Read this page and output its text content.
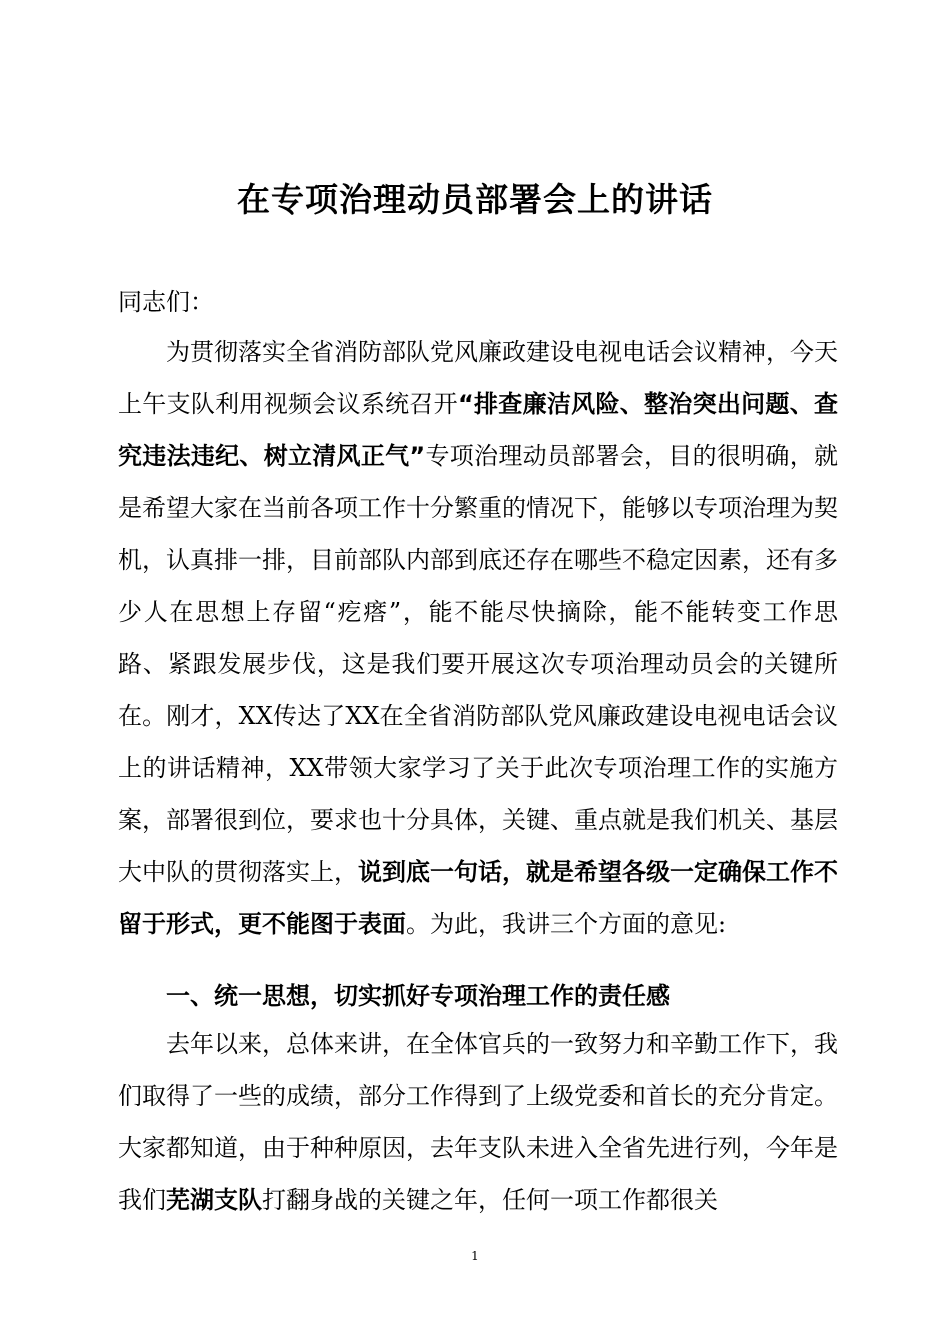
在专项治理动员部署会上的讲话
同志们：
为贯彻落实全省消防部队党风廉政建设电视电话会议精神，今天上午支队利用视频会议系统召开“排查廉洁风险、整治突出问题、查究违法违纪、树立清风正气”专项治理动员部署会，目的很明确，就是希望大家在当前各项工作十分繁重的情况下，能够以专项治理为契机，认真排一排，目前部队内部到底还存在哪些不稳定因素，还有多少人在思想上存留“疙瘩”，能不能尽快摘除，能不能转变工作思路、紧跟发展步伐，这是我们要开展这次专项治理动员会的关键所在。刚才，XX传达了XX在全省消防部队党风廉政建设电视电话会议上的讲话精神，XX带领大家学习了关于此次专项治理工作的实施方案，部署很到位，要求也十分具体，关键、重点就是我们机关、基层大中队的贯彻落实上，说到底一句话，就是希望各级一定确保工作不留于形式，更不能图于表面。为此，我讲三个方面的意见:
一、统一思想，切实抓好专项治理工作的责任感
去年以来，总体来讲，在全体官兵的一致努力和辛勤工作下，我们取得了一些的成绩，部分工作得到了上级党委和首长的充分肯定。大家都知道，由于种种原因，去年支队未进入全省先进行列，今年是我们芜湖支队打翻身战的关键之年，任何一项工作都很关
1
